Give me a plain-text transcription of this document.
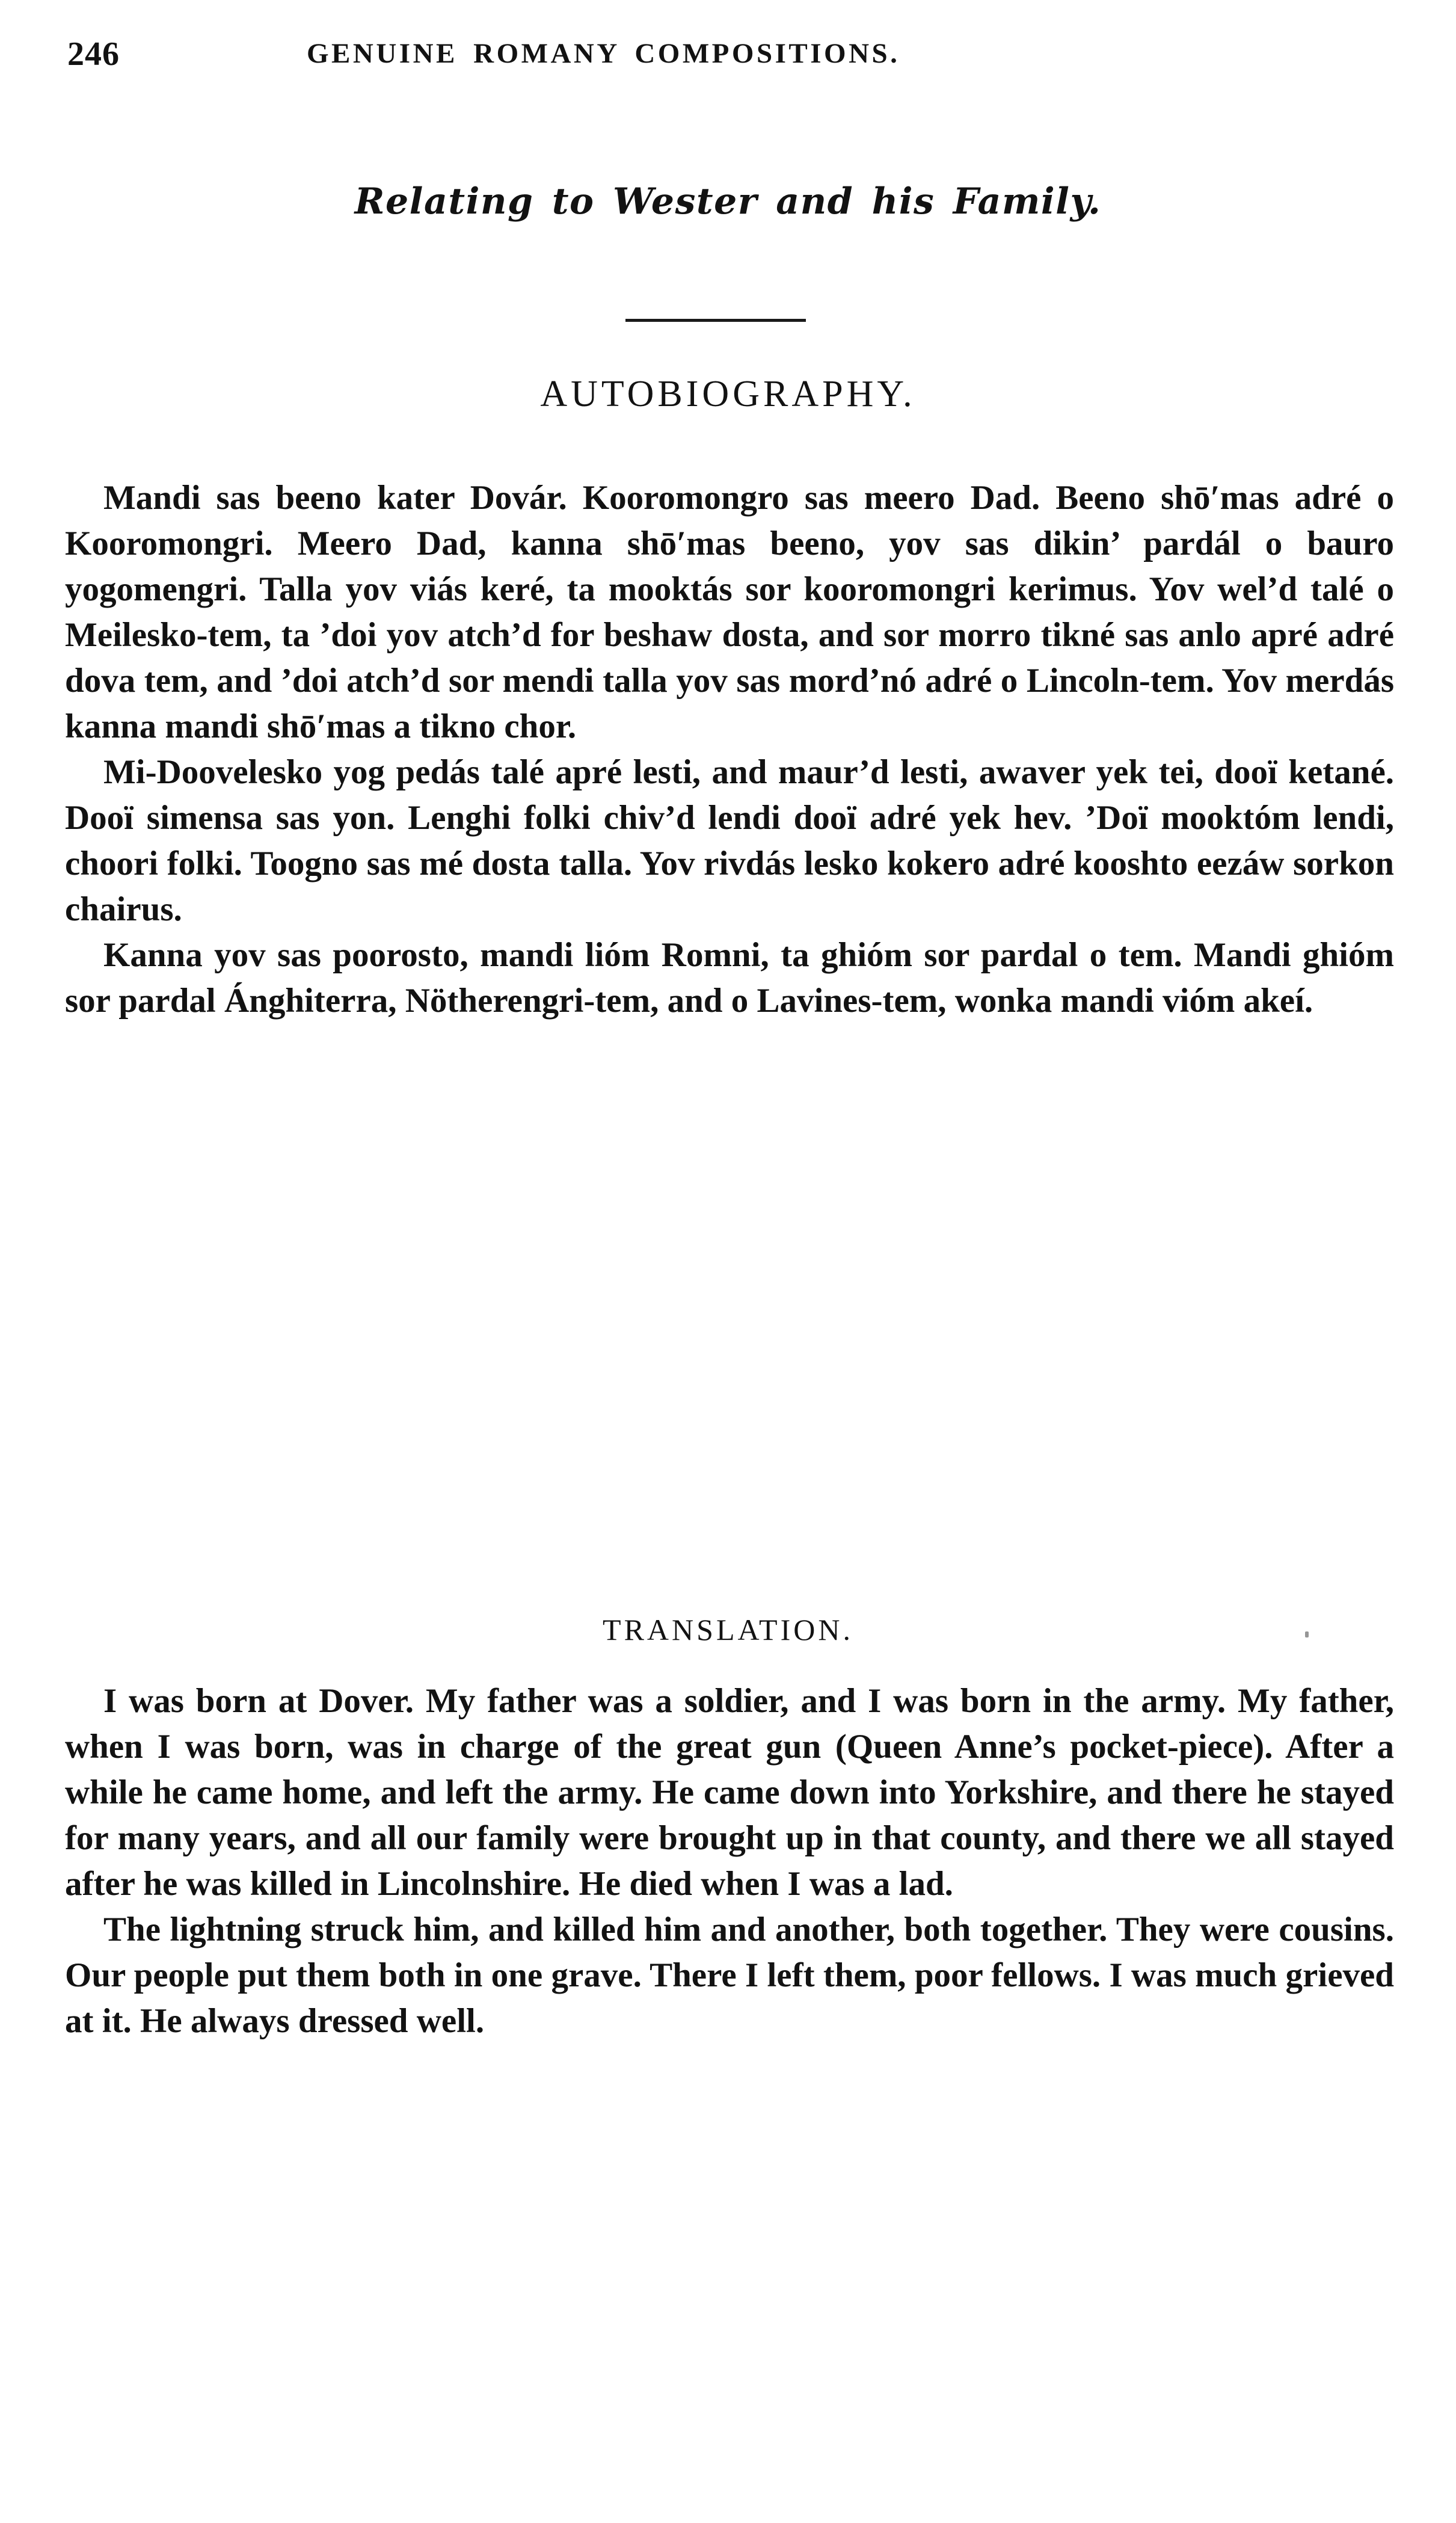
246	GENUINE ROMANY COMPOSITIONS.
Relating to Wester and his Family.
AUTOBIOGRAPHY.

Mandi sas beeno kater Dovár. Kooromongro sas meero Dad. Beeno shō′mas adré o Kooromongri. Meero Dad, kanna shō′mas beeno, yov sas dikin’ pardál o bauro yogomengri. Talla yov viás keré, ta mooktás sor kooromongri kerimus. Yov wel’d talé o Meilesko-tem, ta ’doi yov atch’d for beshaw dosta, and sor morro tikné sas anlo apré adré dova tem, and ’doi atch’d sor mendi talla yov sas mord’nó adré o Lincoln-tem. Yov merdás kanna mandi shō′mas a tikno chor.

Mi-Doovelesko yog pedás talé apré lesti, and maur’d lesti, awaver yek tei, dooï ketané. Dooï simensa sas yon. Lenghi folki chiv’d lendi dooï adré yek hev. ’Doï mooktóm lendi, choori folki. Toogno sas mé dosta talla. Yov rivdás lesko kokero adré kooshto eezáw sorkon chairus.

Kanna yov sas poorosto, mandi lióm Romni, ta ghióm sor pardal o tem. Mandi ghióm sor pardal Ánghiterra, Nötherengri-tem, and o Lavines-tem, wonka mandi vióm akeí.

TRANSLATION.

I was born at Dover. My father was a soldier, and I was born in the army. My father, when I was born, was in charge of the great gun (Queen Anne’s pocket-piece). After a while he came home, and left the army. He came down into Yorkshire, and there he stayed for many years, and all our family were brought up in that county, and there we all stayed after he was killed in Lincolnshire. He died when I was a lad.

The lightning struck him, and killed him and another, both together. They were cousins. Our people put them both in one grave. There I left them, poor fellows. I was much grieved at it. He always dressed well.
